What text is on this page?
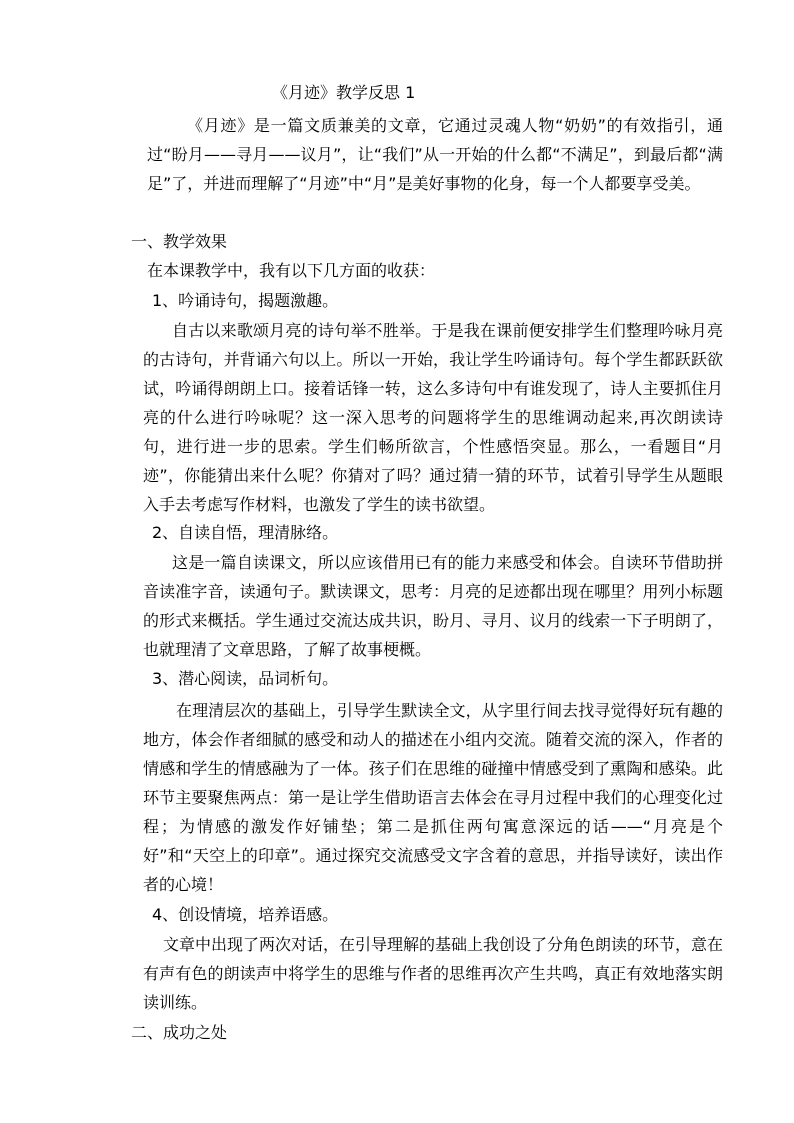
《月迹》教学反思 1
《月迹》是一篇文质兼美的文章，它通过灵魂人物“奶奶”的有效指引，通过“盼月——寻月——议月”，让“我们”从一开始的什么都“不满足”，到最后都“满足”了，并进而理解了“月迹”中“月”是美好事物的化身，每一个人都要享受美。
一、教学效果
在本课教学中，我有以下几方面的收获：
1、吟诵诗句，揭题激趣。
自古以来歌颂月亮的诗句举不胜举。于是我在课前便安排学生们整理吟咏月亮的古诗句，并背诵六句以上。所以一开始，我让学生吟诵诗句。每个学生都跃跃欲试，吟诵得朗朗上口。接着话锋一转，这么多诗句中有谁发现了，诗人主要抓住月亮的什么进行吟咏呢？这一深入思考的问题将学生的思维调动起来,再次朗读诗句，进行进一步的思索。学生们畅所欲言，个性感悟突显。那么，一看题目“月迹”，你能猜出来什么呢？你猜对了吗？通过猜一猜的环节，试着引导学生从题眼入手去考虑写作材料，也激发了学生的读书欲望。
2、自读自悟，理清脉络。
这是一篇自读课文，所以应该借用已有的能力来感受和体会。自读环节借助拼音读准字音，读通句子。默读课文，思考：月亮的足迹都出现在哪里？用列小标题的形式来概括。学生通过交流达成共识，盼月、寻月、议月的线索一下子明朗了，也就理清了文章思路，了解了故事梗概。
3、潜心阅读，品词析句。
在理清层次的基础上，引导学生默读全文，从字里行间去找寻觉得好玩有趣的地方，体会作者细腻的感受和动人的描述在小组内交流。随着交流的深入，作者的情感和学生的情感融为了一体。孩子们在思维的碰撞中情感受到了熏陶和感染。此环节主要聚焦两点：第一是让学生借助语言去体会在寻月过程中我们的心理变化过程；为情感的激发作好铺垫；第二是抓住两句寓意深远的话——“月亮是个好”和“天空上的印章”。通过探究交流感受文字含着的意思，并指导读好，读出作者的心境！
4、创设情境，培养语感。
文章中出现了两次对话，在引导理解的基础上我创设了分角色朗读的环节，意在有声有色的朗读声中将学生的思维与作者的思维再次产生共鸣，真正有效地落实朗读训练。
二、成功之处
